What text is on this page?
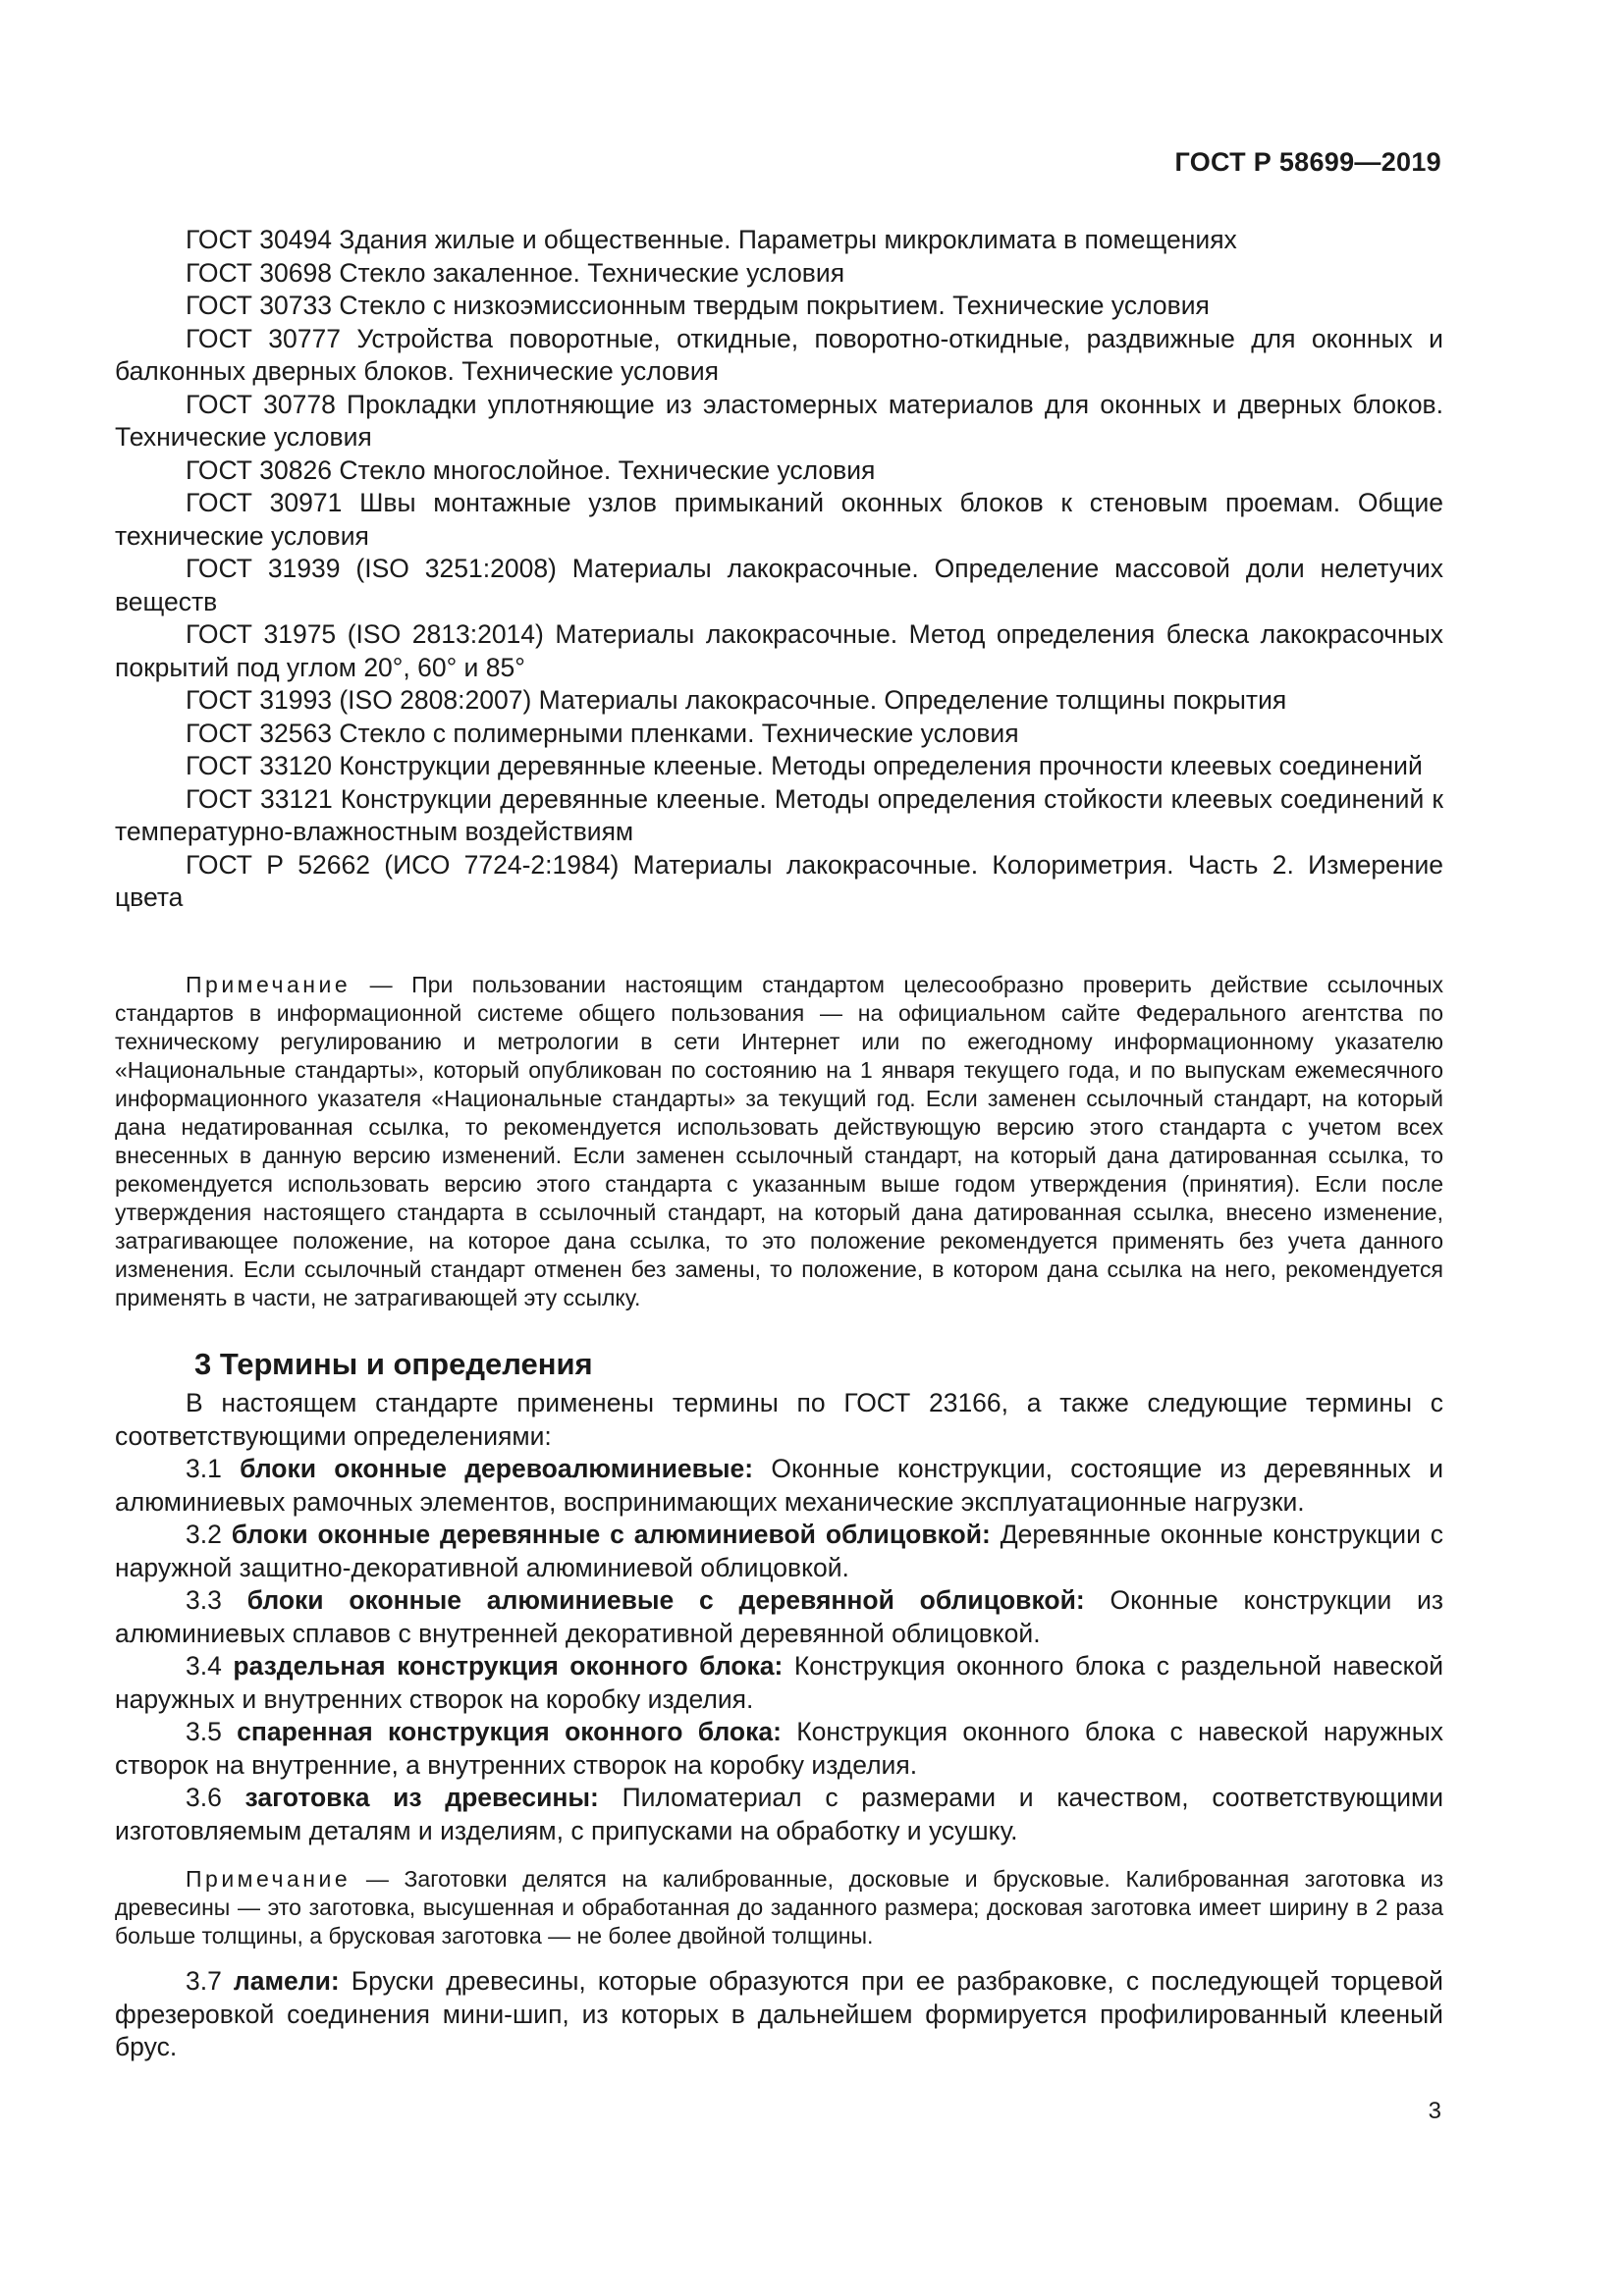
ГОСТ Р 58699—2019

ГОСТ 30494 Здания жилые и общественные. Параметры микроклимата в помещениях

ГОСТ 30698 Стекло закаленное. Технические условия

ГОСТ 30733 Стекло с низкоэмиссионным твердым покрытием. Технические условия

ГОСТ 30777 Устройства поворотные, откидные, поворотно-откидные, раздвижные для оконных и балконных дверных блоков. Технические условия

ГОСТ 30778 Прокладки уплотняющие из эластомерных материалов для оконных и дверных блоков. Технические условия

ГОСТ 30826 Стекло многослойное. Технические условия

ГОСТ 30971 Швы монтажные узлов примыканий оконных блоков к стеновым проемам. Общие технические условия

ГОСТ 31939 (ISO 3251:2008) Материалы лакокрасочные. Определение массовой доли нелетучих веществ

ГОСТ 31975 (ISO 2813:2014) Материалы лакокрасочные. Метод определения блеска лакокрасочных покрытий под углом 20°, 60° и 85°

ГОСТ 31993 (ISO 2808:2007) Материалы лакокрасочные. Определение толщины покрытия

ГОСТ 32563 Стекло с полимерными пленками. Технические условия

ГОСТ 33120 Конструкции деревянные клееные. Методы определения прочности клеевых соединений

ГОСТ 33121 Конструкции деревянные клееные. Методы определения стойкости клеевых соединений к температурно-влажностным воздействиям

ГОСТ Р 52662 (ИСО 7724-2:1984) Материалы лакокрасочные. Колориметрия. Часть 2. Измерение цвета

Примечание — При пользовании настоящим стандартом целесообразно проверить действие ссылочных стандартов в информационной системе общего пользования — на официальном сайте Федерального агентства по техническому регулированию и метрологии в сети Интернет или по ежегодному информационному указателю «Национальные стандарты», который опубликован по состоянию на 1 января текущего года, и по выпускам ежемесячного информационного указателя «Национальные стандарты» за текущий год. Если заменен ссылочный стандарт, на который дана недатированная ссылка, то рекомендуется использовать действующую версию этого стандарта с учетом всех внесенных в данную версию изменений. Если заменен ссылочный стандарт, на который дана датированная ссылка, то рекомендуется использовать версию этого стандарта с указанным выше годом утверждения (принятия). Если после утверждения настоящего стандарта в ссылочный стандарт, на который дана датированная ссылка, внесено изменение, затрагивающее положение, на которое дана ссылка, то это положение рекомендуется применять без учета данного изменения. Если ссылочный стандарт отменен без замены, то положение, в котором дана ссылка на него, рекомендуется применять в части, не затрагивающей эту ссылку.

3 Термины и определения

В настоящем стандарте применены термины по ГОСТ 23166, а также следующие термины с соответствующими определениями:

3.1 блоки оконные деревоалюминиевые: Оконные конструкции, состоящие из деревянных и алюминиевых рамочных элементов, воспринимающих механические эксплуатационные нагрузки.

3.2 блоки оконные деревянные с алюминиевой облицовкой: Деревянные оконные конструкции с наружной защитно-декоративной алюминиевой облицовкой.

3.3 блоки оконные алюминиевые с деревянной облицовкой: Оконные конструкции из алюминиевых сплавов с внутренней декоративной деревянной облицовкой.

3.4 раздельная конструкция оконного блока: Конструкция оконного блока с раздельной навеской наружных и внутренних створок на коробку изделия.

3.5 спаренная конструкция оконного блока: Конструкция оконного блока с навеской наружных створок на внутренние, а внутренних створок на коробку изделия.

3.6 заготовка из древесины: Пиломатериал с размерами и качеством, соответствующими изготовляемым деталям и изделиям, с припусками на обработку и усушку.

Примечание — Заготовки делятся на калиброванные, досковые и брусковые. Калиброванная заготовка из древесины — это заготовка, высушенная и обработанная до заданного размера; досковая заготовка имеет ширину в 2 раза больше толщины, а брусковая заготовка — не более двойной толщины.

3.7 ламели: Бруски древесины, которые образуются при ее разбраковке, с последующей торцевой фрезеровкой соединения мини-шип, из которых в дальнейшем формируется профилированный клееный брус.

3
